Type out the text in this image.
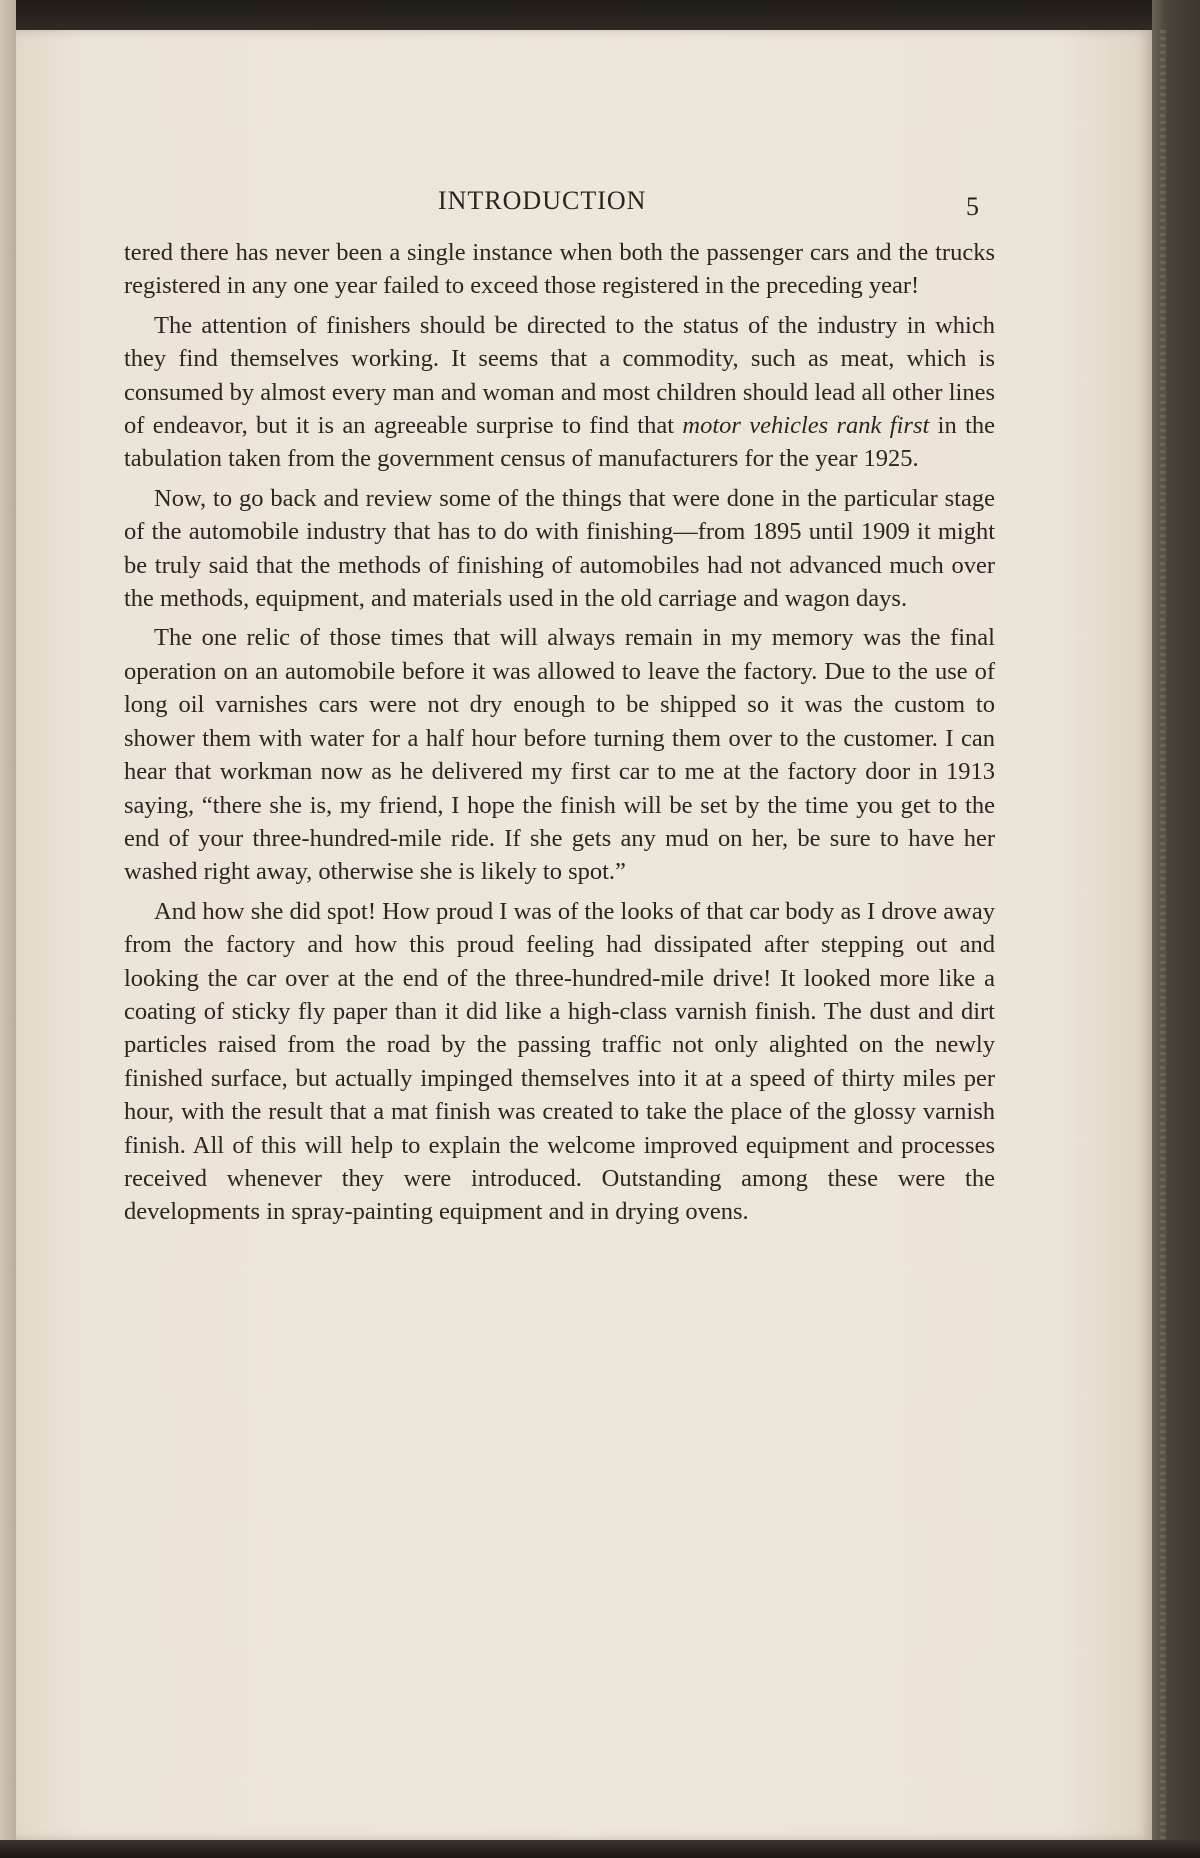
INTRODUCTION	5

tered there has never been a single instance when both the passenger cars and the trucks registered in any one year failed to exceed those registered in the preceding year!

The attention of finishers should be directed to the status of the industry in which they find themselves working. It seems that a commodity, such as meat, which is consumed by almost every man and woman and most children should lead all other lines of endeavor, but it is an agreeable surprise to find that motor vehicles rank first in the tabulation taken from the government census of manufacturers for the year 1925.

Now, to go back and review some of the things that were done in the particular stage of the automobile industry that has to do with finishing—from 1895 until 1909 it might be truly said that the methods of finishing of automobiles had not advanced much over the methods, equipment, and materials used in the old carriage and wagon days.

The one relic of those times that will always remain in my memory was the final operation on an automobile before it was allowed to leave the factory. Due to the use of long oil varnishes cars were not dry enough to be shipped so it was the custom to shower them with water for a half hour before turning them over to the customer. I can hear that workman now as he delivered my first car to me at the factory door in 1913 saying, “there she is, my friend, I hope the finish will be set by the time you get to the end of your three-hundred-mile ride. If she gets any mud on her, be sure to have her washed right away, otherwise she is likely to spot.”

And how she did spot! How proud I was of the looks of that car body as I drove away from the factory and how this proud feeling had dissipated after stepping out and looking the car over at the end of the three-hundred-mile drive! It looked more like a coating of sticky fly paper than it did like a high-class varnish finish. The dust and dirt particles raised from the road by the passing traffic not only alighted on the newly finished surface, but actually impinged themselves into it at a speed of thirty miles per hour, with the result that a mat finish was created to take the place of the glossy varnish finish. All of this will help to explain the welcome improved equipment and processes received whenever they were introduced. Outstanding among these were the developments in spray-painting equipment and in drying ovens.
